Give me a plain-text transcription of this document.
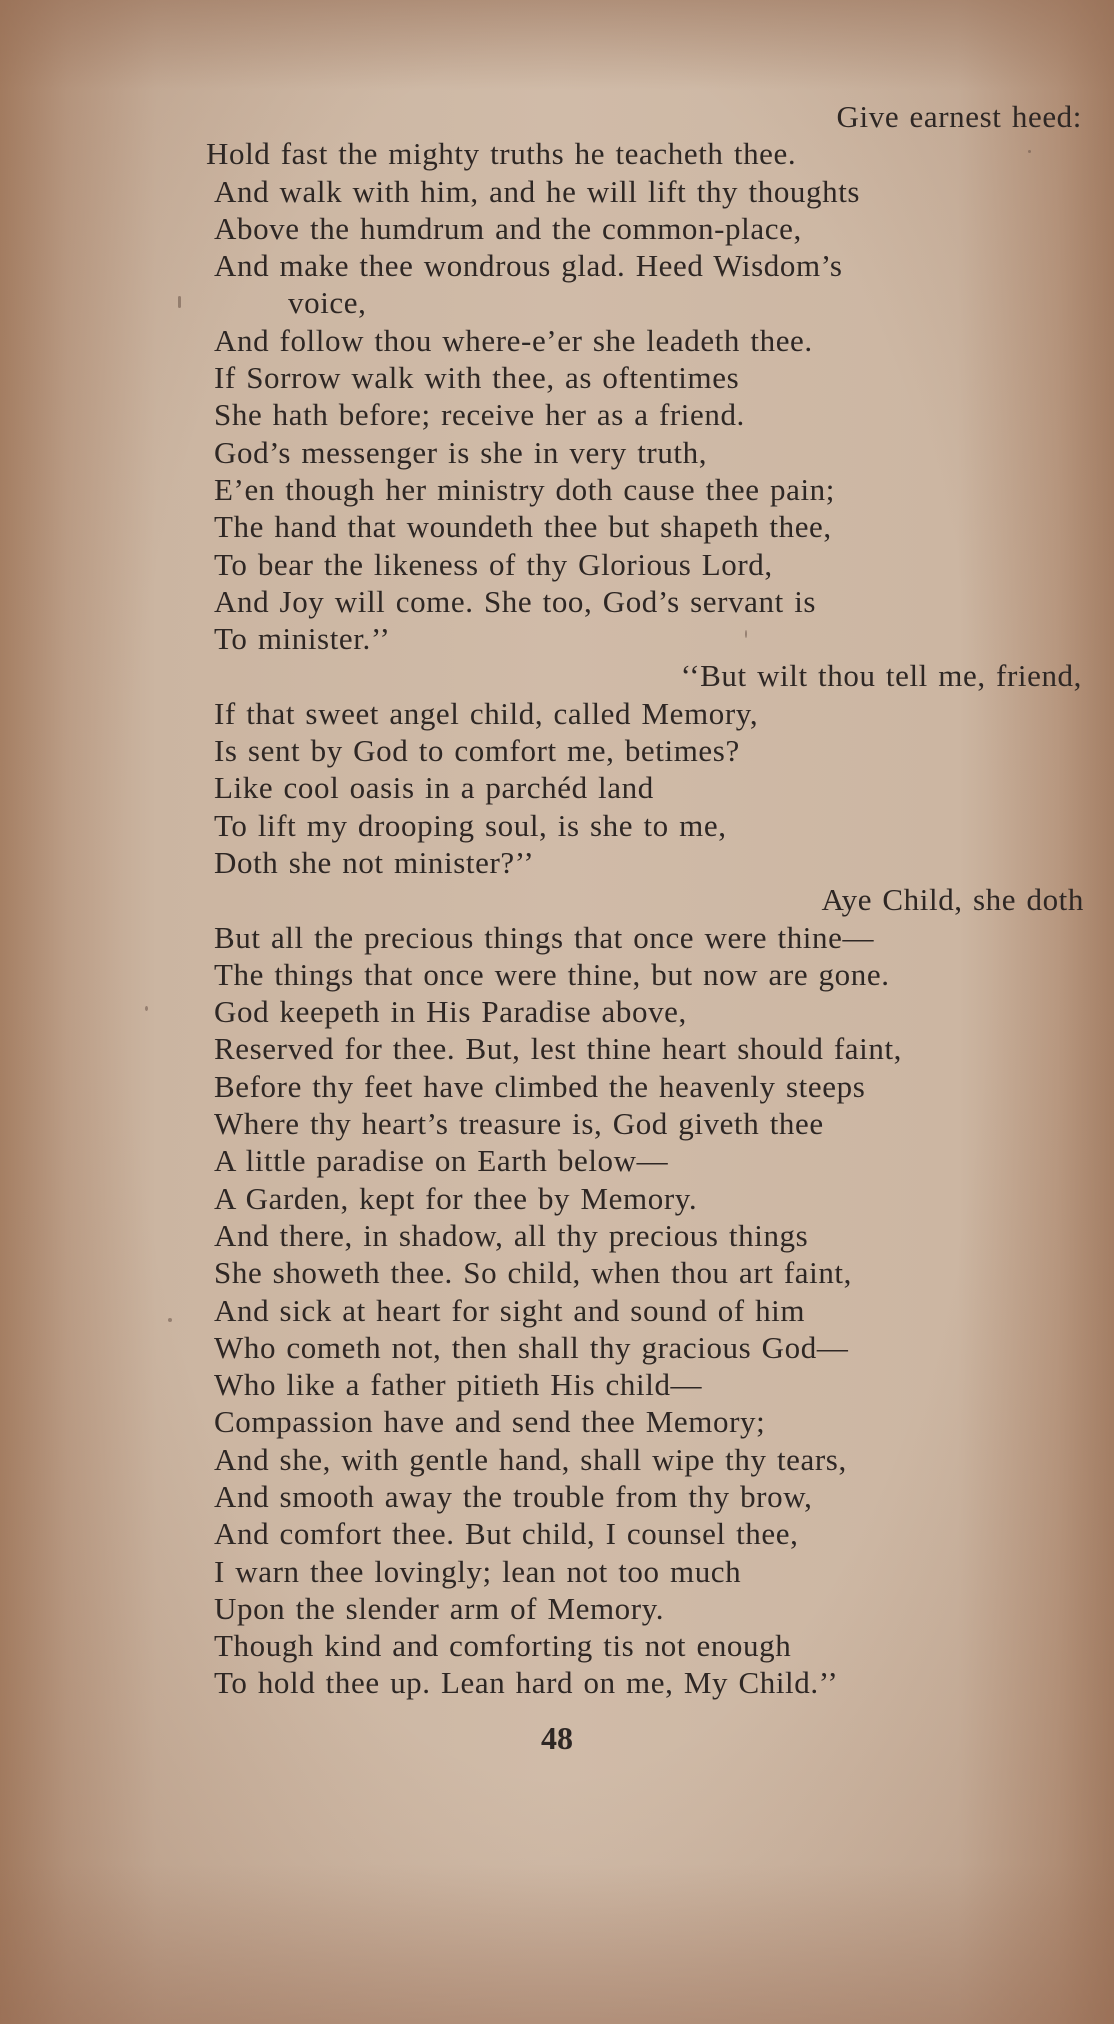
Give earnest heed:
Hold fast the mighty truths he teacheth thee.
And walk with him, and he will lift thy thoughts
Above the humdrum and the common-place,
And make thee wondrous glad. Heed Wisdom’s
voice,
And follow thou where-e’er she leadeth thee.
If Sorrow walk with thee, as oftentimes
She hath before; receive her as a friend.
God’s messenger is she in very truth,
E’en though her ministry doth cause thee pain;
The hand that woundeth thee but shapeth thee,
To bear the likeness of thy Glorious Lord,
And Joy will come. She too, God’s servant is
To minister.’’
‘‘But wilt thou tell me, friend,
If that sweet angel child, called Memory,
Is sent by God to comfort me, betimes?
Like cool oasis in a parchéd land
To lift my drooping soul, is she to me,
Doth she not minister?’’
Aye Child, she doth
But all the precious things that once were thine—
The things that once were thine, but now are gone.
God keepeth in His Paradise above,
Reserved for thee. But, lest thine heart should faint,
Before thy feet have climbed the heavenly steeps
Where thy heart’s treasure is, God giveth thee
A little paradise on Earth below—
A Garden, kept for thee by Memory.
And there, in shadow, all thy precious things
She showeth thee. So child, when thou art faint,
And sick at heart for sight and sound of him
Who cometh not, then shall thy gracious God—
Who like a father pitieth His child—
Compassion have and send thee Memory;
And she, with gentle hand, shall wipe thy tears,
And smooth away the trouble from thy brow,
And comfort thee. But child, I counsel thee,
I warn thee lovingly; lean not too much
Upon the slender arm of Memory.
Though kind and comforting tis not enough
To hold thee up. Lean hard on me, My Child.’’
48
